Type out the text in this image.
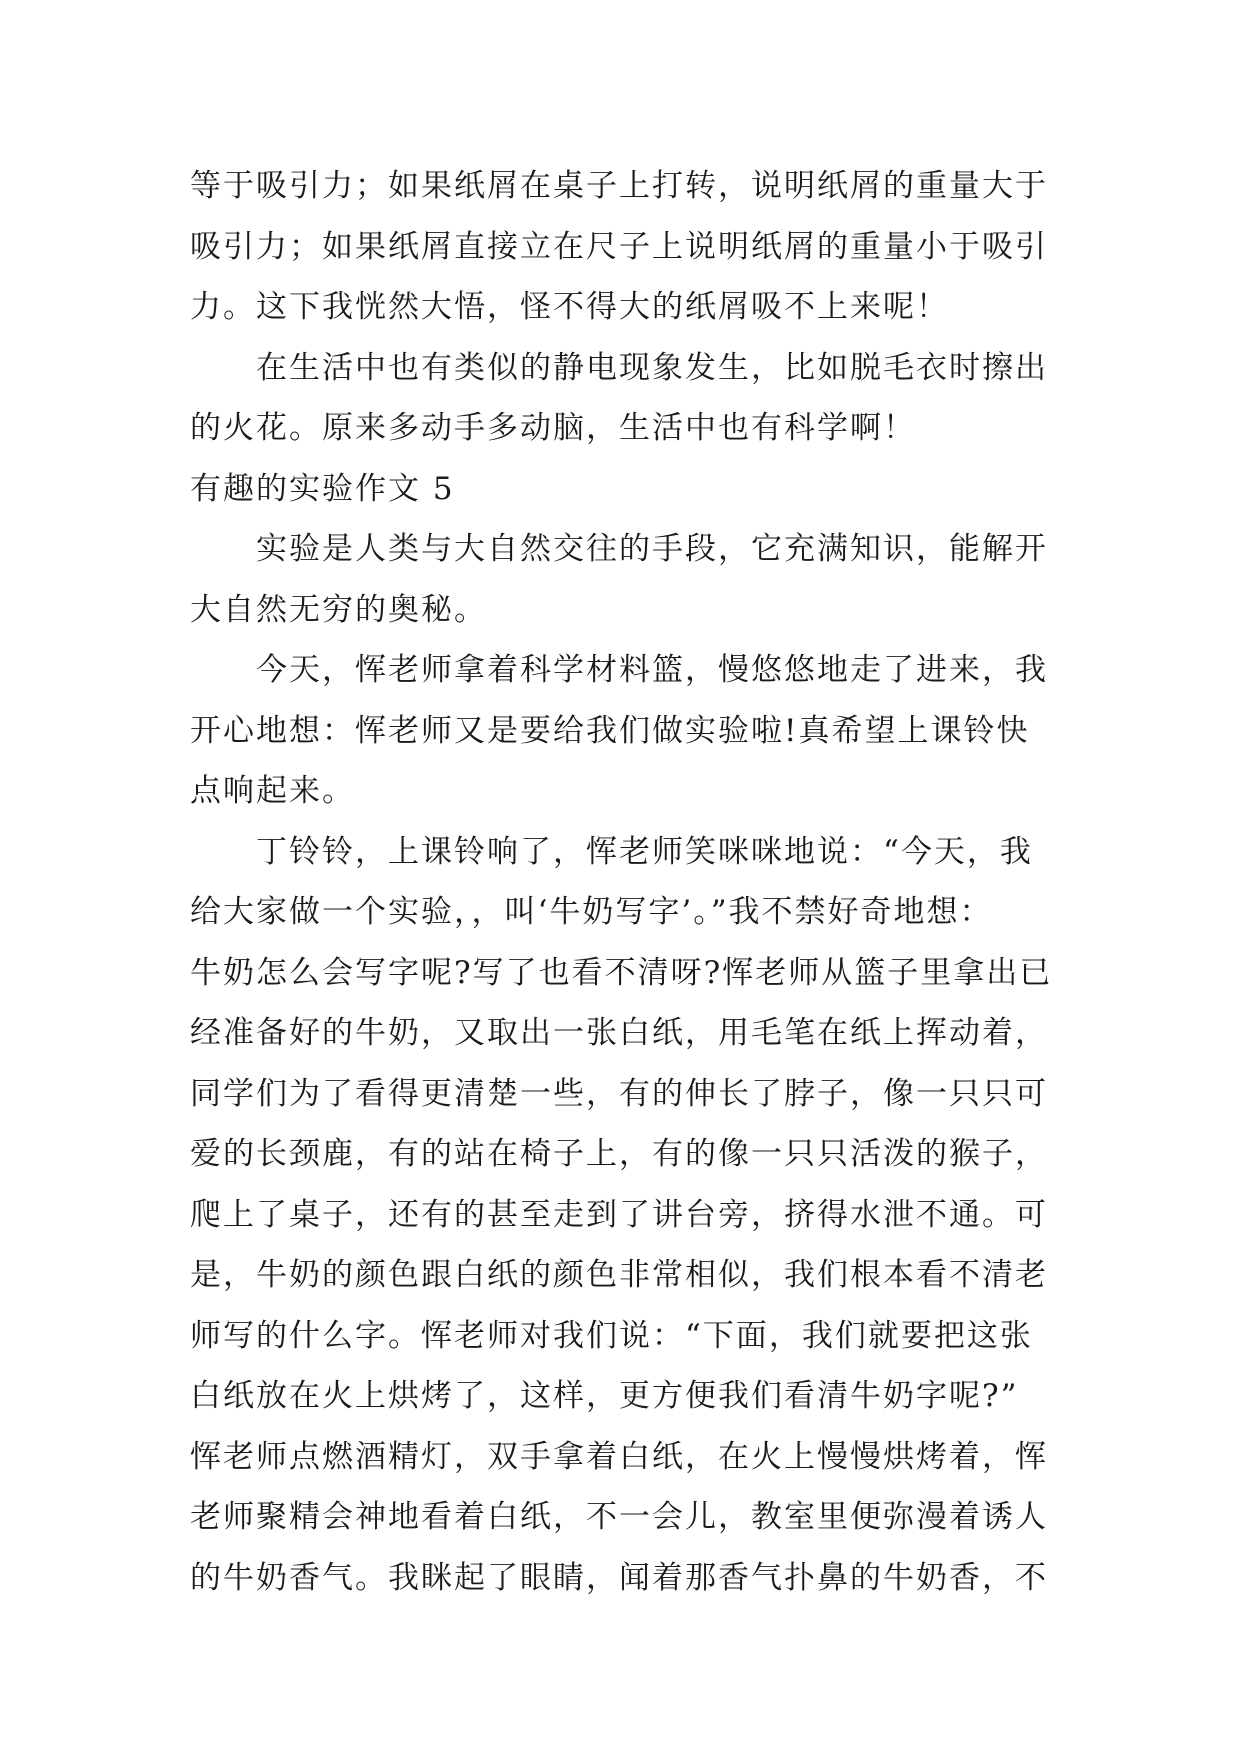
等于吸引力；如果纸屑在桌子上打转，说明纸屑的重量大于
吸引力；如果纸屑直接立在尺子上说明纸屑的重量小于吸引
力。这下我恍然大悟，怪不得大的纸屑吸不上来呢！
在生活中也有类似的静电现象发生，比如脱毛衣时擦出
的火花。原来多动手多动脑，生活中也有科学啊！
有趣的实验作文 5
实验是人类与大自然交往的手段，它充满知识，能解开
大自然无穷的奥秘。
今天，恽老师拿着科学材料篮，慢悠悠地走了进来，我
开心地想：恽老师又是要给我们做实验啦!真希望上课铃快
点响起来。
丁铃铃，上课铃响了，恽老师笑咪咪地说：“今天，我
给大家做一个实验，，叫‘牛奶写字’。”我不禁好奇地想：
牛奶怎么会写字呢?写了也看不清呀?恽老师从篮子里拿出已
经准备好的牛奶，又取出一张白纸，用毛笔在纸上挥动着，
同学们为了看得更清楚一些，有的伸长了脖子，像一只只可
爱的长颈鹿，有的站在椅子上，有的像一只只活泼的猴子，
爬上了桌子，还有的甚至走到了讲台旁，挤得水泄不通。可
是，牛奶的颜色跟白纸的颜色非常相似，我们根本看不清老
师写的什么字。恽老师对我们说：“下面，我们就要把这张
白纸放在火上烘烤了，这样，更方便我们看清牛奶字呢?”
恽老师点燃酒精灯，双手拿着白纸，在火上慢慢烘烤着，恽
老师聚精会神地看着白纸，不一会儿，教室里便弥漫着诱人
的牛奶香气。我眯起了眼睛，闻着那香气扑鼻的牛奶香，不
